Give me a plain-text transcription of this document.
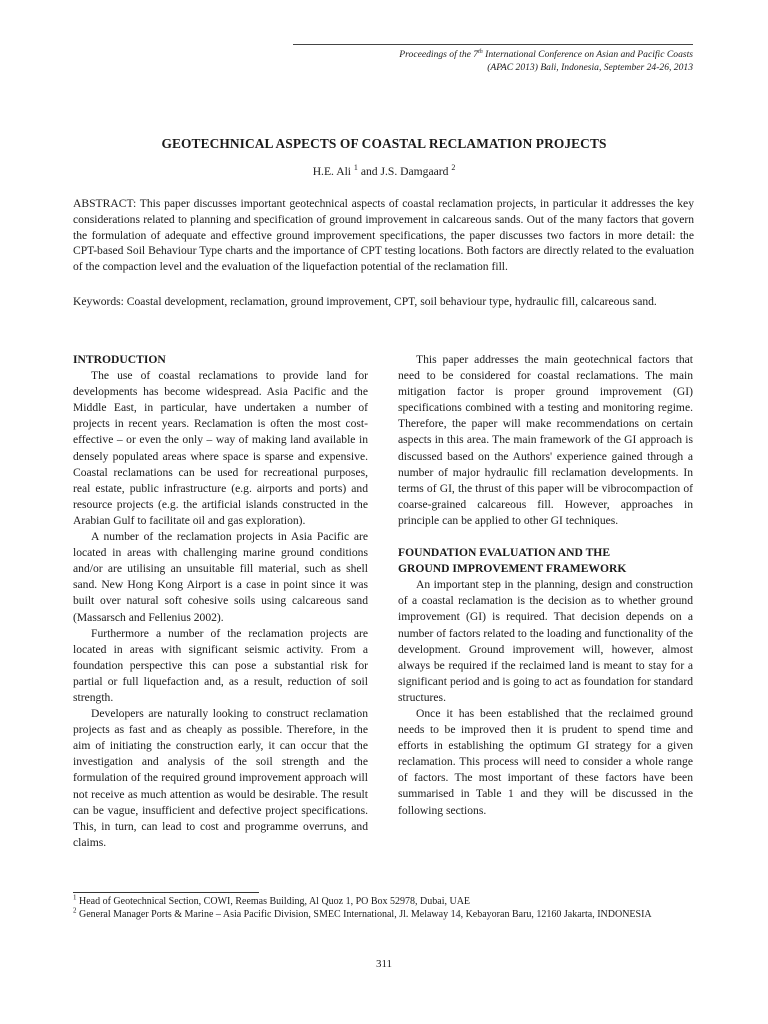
Proceedings of the 7th International Conference on Asian and Pacific Coasts
(APAC 2013) Bali, Indonesia, September 24-26, 2013
GEOTECHNICAL ASPECTS OF COASTAL RECLAMATION PROJECTS
H.E. Ali $^1$ and J.S. Damgaard $^2$
ABSTRACT: This paper discusses important geotechnical aspects of coastal reclamation projects, in particular it addresses the key considerations related to planning and specification of ground improvement in calcareous sands. Out of the many factors that govern the formulation of adequate and effective ground improvement specifications, the paper discusses two factors in more detail: the CPT-based Soil Behaviour Type charts and the importance of CPT testing locations. Both factors are directly related to the evaluation of the compaction level and the evaluation of the liquefaction potential of the reclamation fill.
Keywords: Coastal development, reclamation, ground improvement, CPT, soil behaviour type, hydraulic fill, calcareous sand.
INTRODUCTION

The use of coastal reclamations to provide land for developments has become widespread. Asia Pacific and the Middle East, in particular, have undertaken a number of projects in recent years. Reclamation is often the most cost-effective – or even the only – way of making land available in densely populated areas where space is sparse and expensive. Coastal reclamations can be used for recreational purposes, real estate, public infrastructure (e.g. airports and ports) and resource projects (e.g. the artificial islands constructed in the Arabian Gulf to facilitate oil and gas exploration).

A number of the reclamation projects in Asia Pacific are located in areas with challenging marine ground conditions and/or are utilising an unsuitable fill material, such as shell sand. New Hong Kong Airport is a case in point since it was built over natural soft cohesive soils using calcareous sand (Massarsch and Fellenius 2002).

Furthermore a number of the reclamation projects are located in areas with significant seismic activity. From a foundation perspective this can pose a substantial risk for partial or full liquefaction and, as a result, reduction of soil strength.

Developers are naturally looking to construct reclamation projects as fast and as cheaply as possible. Therefore, in the aim of initiating the construction early, it can occur that the investigation and analysis of the soil strength and the formulation of the required ground improvement approach will not receive as much attention as would be desirable. The result can be vague, insufficient and defective project specifications. This, in turn, can lead to cost and programme overruns, and claims.

This paper addresses the main geotechnical factors that need to be considered for coastal reclamations. The main mitigation factor is proper ground improvement (GI) specifications combined with a testing and monitoring regime. Therefore, the paper will make recommendations on certain aspects in this area. The main framework of the GI approach is discussed based on the Authors' experience gained through a number of major hydraulic fill reclamation developments. In terms of GI, the thrust of this paper will be vibrocompaction of coarse-grained calcareous fill. However, approaches in principle can be applied to other GI techniques.

FOUNDATION EVALUATION AND THE
GROUND IMPROVEMENT FRAMEWORK

An important step in the planning, design and construction of a coastal reclamation is the decision as to whether ground improvement (GI) is required. That decision depends on a number of factors related to the loading and functionality of the development. Ground improvement will, however, almost always be required if the reclaimed land is meant to stay for a significant period and is going to act as foundation for standard structures.

Once it has been established that the reclaimed ground needs to be improved then it is prudent to spend time and efforts in establishing the optimum GI strategy for a given reclamation. This process will need to consider a whole range of factors. The most important of these factors have been summarised in Table 1 and they will be discussed in the following sections.

$^1$ Head of Geotechnical Section, COWI, Reemas Building, Al Quoz 1, PO Box 52978, Dubai, UAE
$^2$ General Manager Ports & Marine – Asia Pacific Division, SMEC International, Jl. Melaway 14, Kebayoran Baru, 12160 Jakarta, INDONESIA
311
